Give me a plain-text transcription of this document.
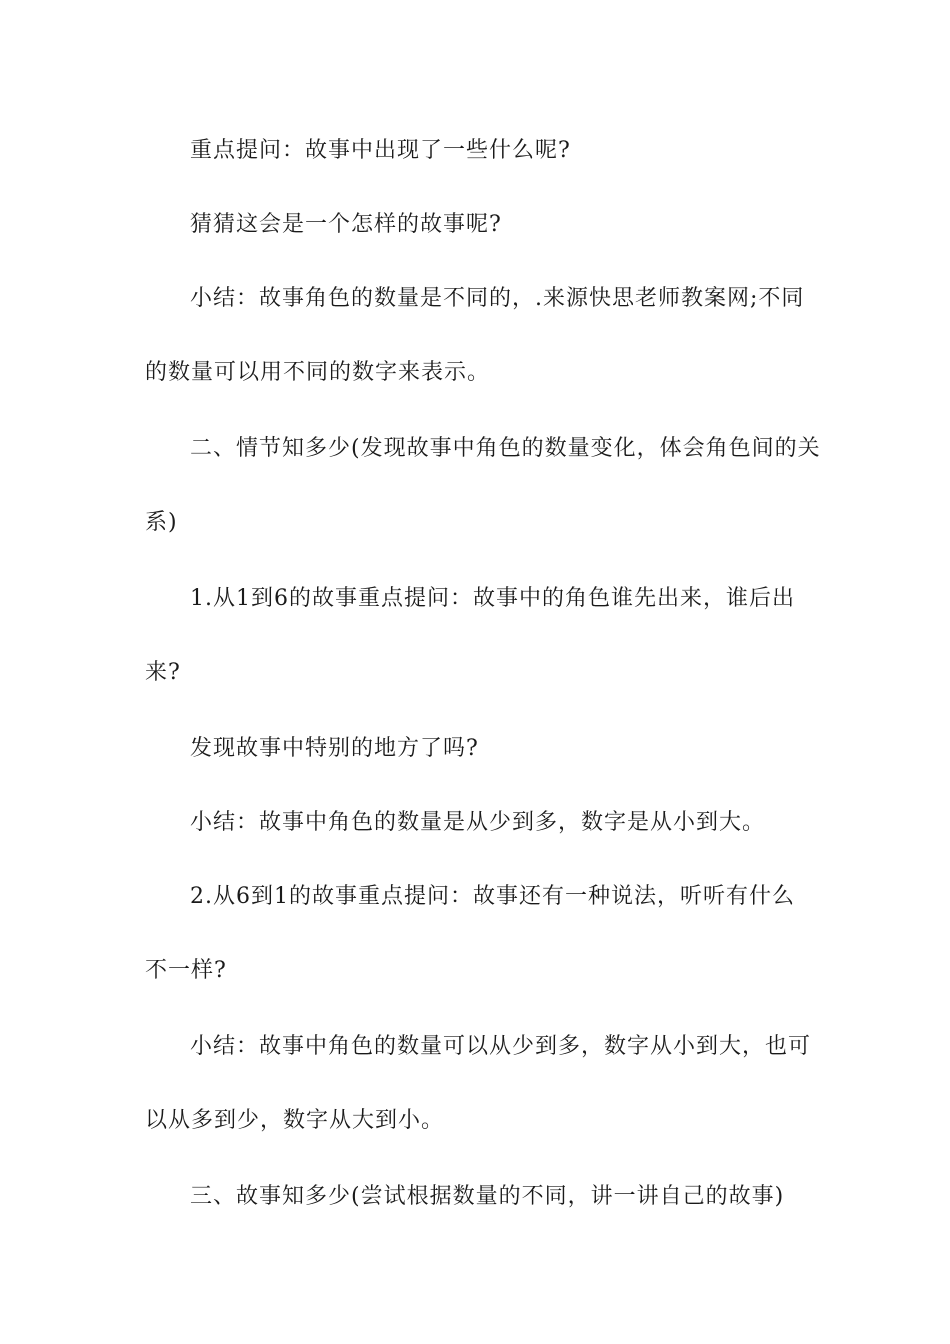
重点提问：故事中出现了一些什么呢?

猜猜这会是一个怎样的故事呢?

小结：故事角色的数量是不同的，.来源快思老师教案网;不同

的数量可以用不同的数字来表示。

二、情节知多少(发现故事中角色的数量变化，体会角色间的关

系)

1.从1到6的故事重点提问：故事中的角色谁先出来，谁后出

来?

发现故事中特别的地方了吗?

小结：故事中角色的数量是从少到多，数字是从小到大。

2.从6到1的故事重点提问：故事还有一种说法，听听有什么

不一样?

小结：故事中角色的数量可以从少到多，数字从小到大，也可

以从多到少，数字从大到小。

三、故事知多少(尝试根据数量的不同，讲一讲自己的故事)
